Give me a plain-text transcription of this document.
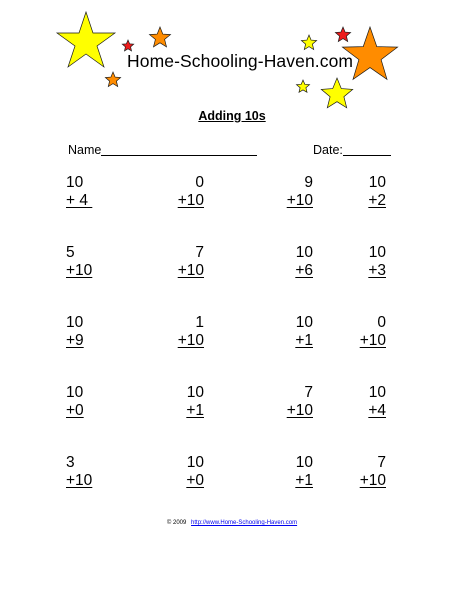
Home-Schooling-Haven.com
Adding 10s
Name	Date:
10
+ 4
0
+10
9
+10
10
+2
5
+10
7
+10
10
+6
10
+3
10
+9
1
+10
10
+1
0
+10
10
+0
10
+1
7
+10
10
+4
3
+10
10
+0
10
+1
7
+10
© 2009 http://www.Home-Schooling-Haven.com
